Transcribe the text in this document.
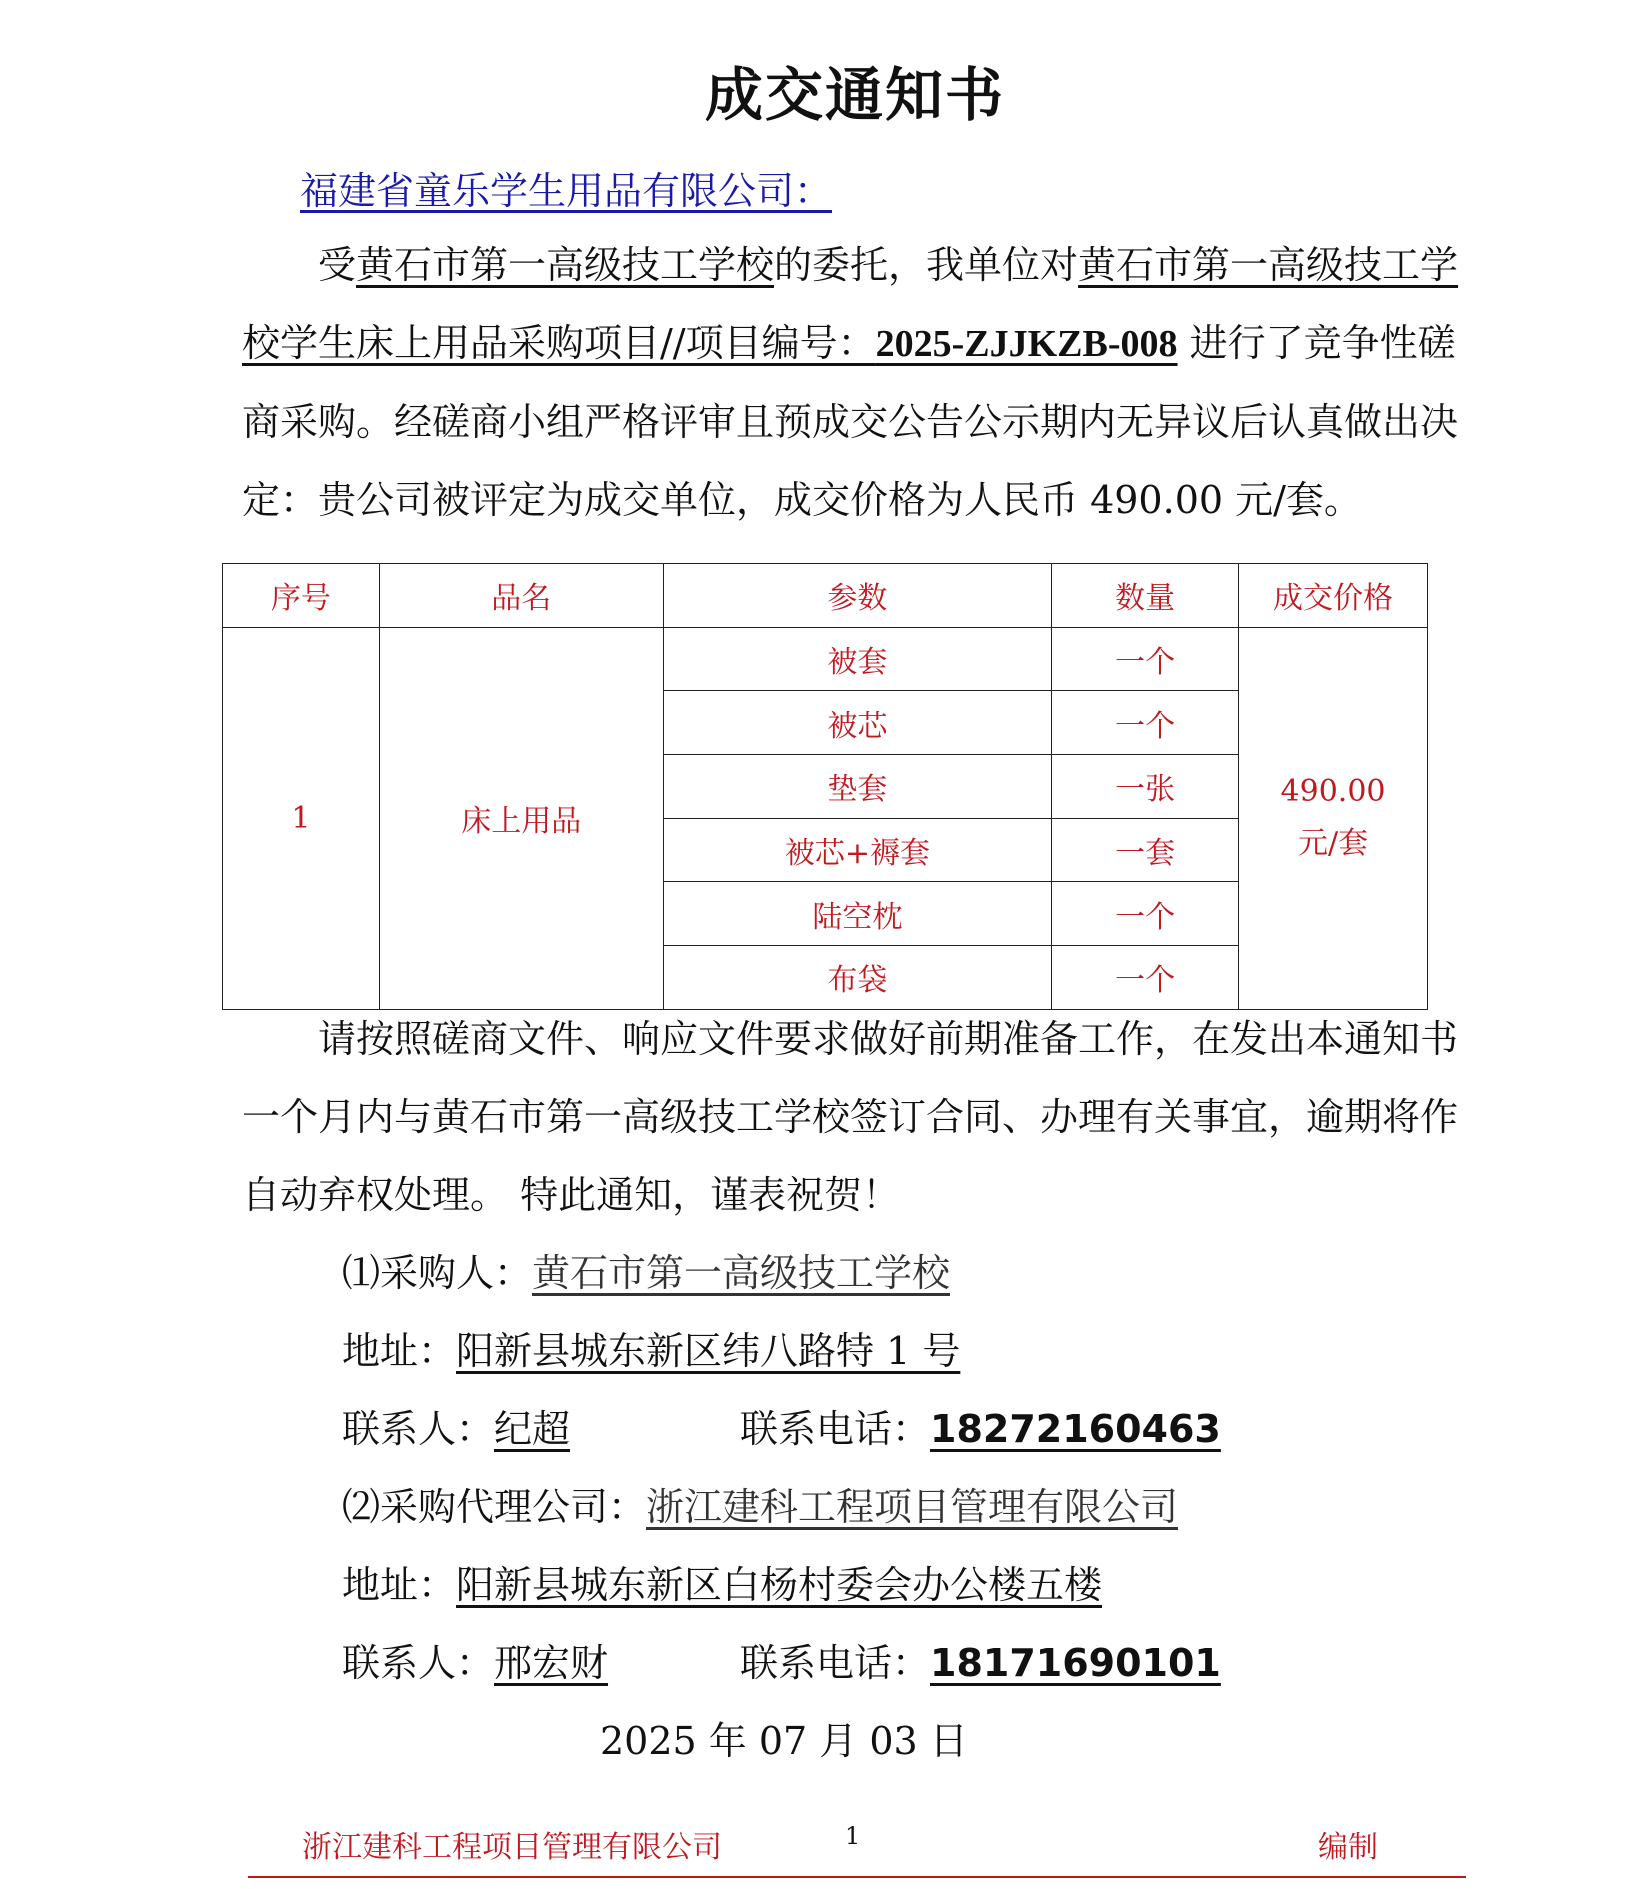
成交通知书
福建省童乐学生用品有限公司：
受黄石市第一高级技工学校的委托，我单位对黄石市第一高级技工学校学生床上用品采购项目//项目编号：2025-ZJJKZB-008 进行了竞争性磋商采购。经磋商小组严格评审且预成交公告公示期内无异议后认真做出决定：贵公司被评定为成交单位，成交价格为人民币 490.00 元/套。
序号	品名	参数	数量	成交价格
1	床上用品	被套	一个	490.00
元/套

		被芯	一个	
		垫套	一张	
		被芯+褥套	一套	
		陆空枕	一个	
		布袋	一个	
请按照磋商文件、响应文件要求做好前期准备工作，在发出本通知书一个月内与黄石市第一高级技工学校签订合同、办理有关事宜，逾期将作自动弃权处理。 特此通知，谨表祝贺！
⑴采购人：黄石市第一高级技工学校
地址：阳新县城东新区纬八路特 1 号
联系人：纪超	联系电话：18272160463
⑵采购代理公司：浙江建科工程项目管理有限公司
地址：阳新县城东新区白杨村委会办公楼五楼
联系人：邢宏财	联系电话：18171690101
2025 年 07 月 03 日
浙江建科工程项目管理有限公司	1	编制
